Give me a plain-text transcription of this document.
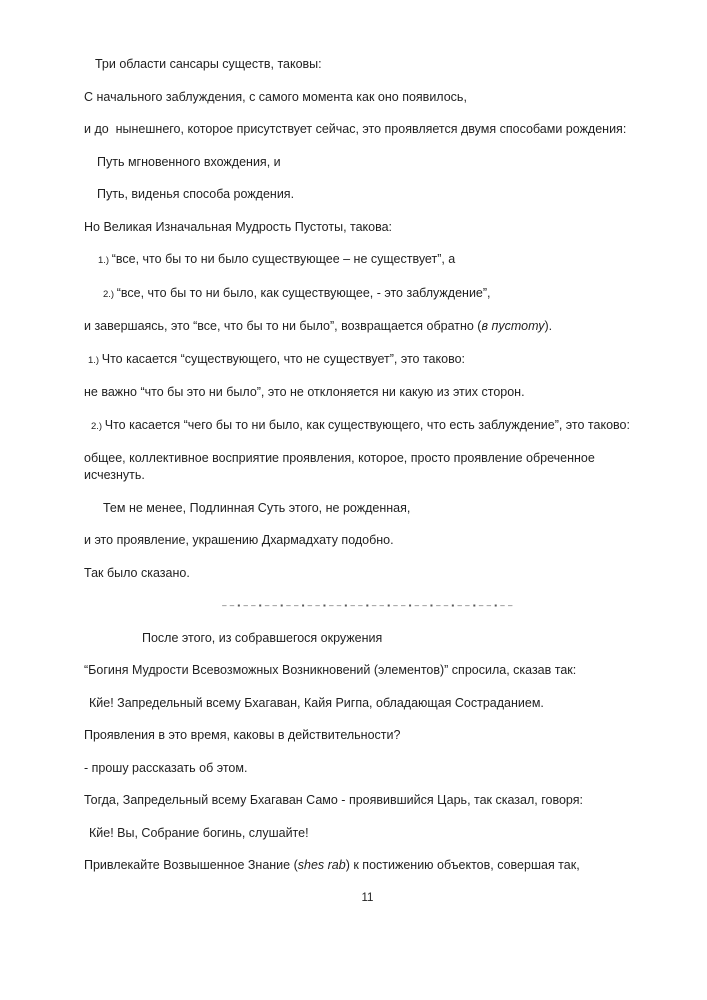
Три области сансары существ, таковы:

С начального заблуждения, с самого момента как оно появилось,

и до  нынешнего, которое присутствует сейчас, это проявляется двумя способами рождения:

Путь мгновенного вхождения, и

Путь, виденья способа рождения.

Но Великая Изначальная Мудрость Пустоты, такова:

1.) “все, что бы то ни было существующее – не существует”, а

2.) “все, что бы то ни было, как существующее, - это заблуждение”,

и завершаясь, это “все, что бы то ни было”, возвращается обратно (в пустоту).

1.) Что касается “существующего, что не существует”, это таково:

не важно “что бы это ни было”, это не отклоняется ни какую из этих сторон.

2.) Что касается “чего бы то ни было, как существующего, что есть заблуждение”, это таково:

общее, коллективное восприятие проявления, которое, просто проявление обреченное исчезнуть.

Тем не менее, Подлинная Суть этого, не рожденная,

и это проявление, украшению Дхармадхату подобно.

Так было сказано.

– – ▪ – – ▪ – – ▪ – – ▪ – – ▪ – – ▪ – – ▪ – – ▪ – – ▪ – – ▪ – – ▪ – – ▪ – – ▪ – –

После этого, из собравшегося окружения

“Богиня Мудрости Всевозможных Возникновений (элементов)” спросила, сказав так:

Кйе! Запредельный всему Бхагаван, Кайя Ригпа, обладающая Состраданием.

Проявления в это время, каковы в действительности?

- прошу рассказать об этом.

Тогда, Запредельный всему Бхагаван Само - проявившийся Царь, так сказал, говоря:

Кйе! Вы, Собрание богинь, слушайте!

Привлекайте Возвышенное Знание (shes rab) к постижению объектов, совершая так,

11
